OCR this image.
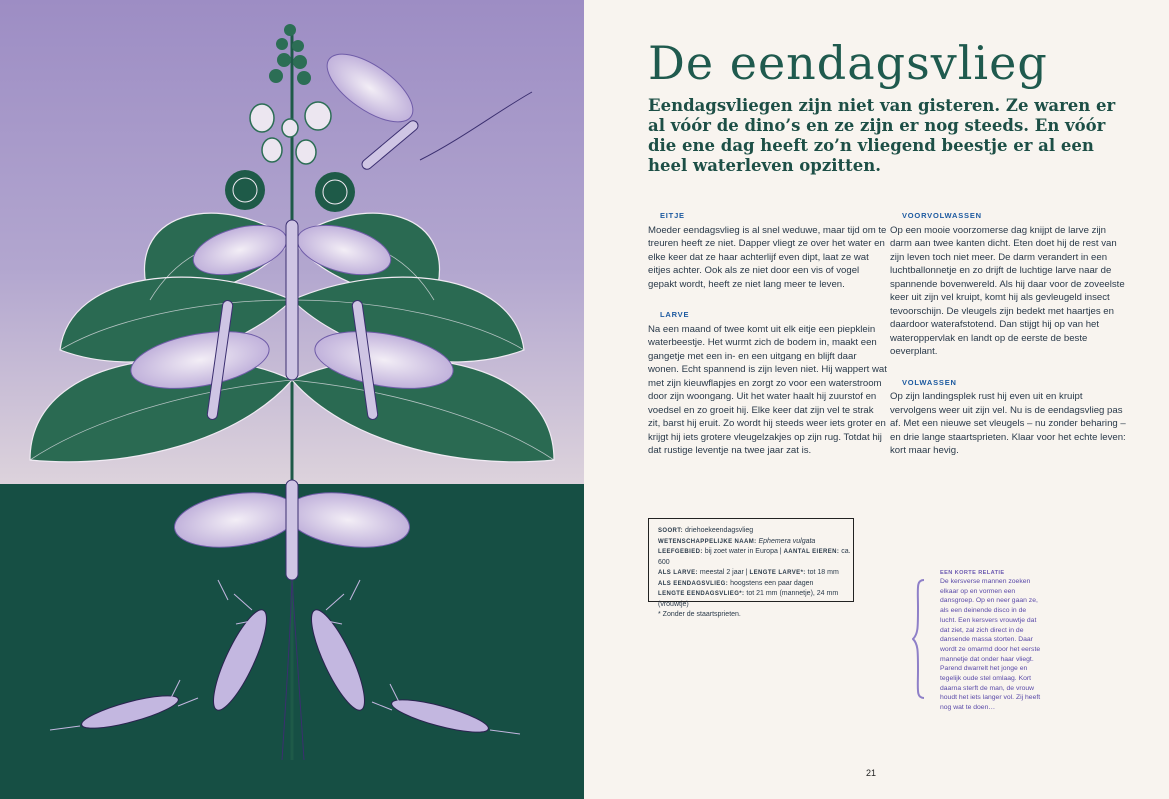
De eendagsvlieg
Eendagsvliegen zijn niet van gisteren. Ze waren er al vóór de dino’s en ze zijn er nog steeds. En vóór die ene dag heeft zo’n vliegend beestje er al een heel waterleven opzitten.
EITJE

Moeder eendagsvlieg is al snel weduwe, maar tijd om te treuren heeft ze niet. Dapper vliegt ze over het water en elke keer dat ze haar achterlijf even dipt, laat ze wat eitjes achter. Ook als ze niet door een vis of vogel gepakt wordt, heeft ze niet lang meer te leven.

LARVE

Na een maand of twee komt uit elk eitje een piepklein waterbeestje. Het wurmt zich de bodem in, maakt een gangetje met een in- en een uitgang en blijft daar wonen. Echt spannend is zijn leven niet. Hij wappert wat met zijn kieuwflapjes en zorgt zo voor een waterstroom door zijn woongang. Uit het water haalt hij zuurstof en voedsel en zo groeit hij. Elke keer dat zijn vel te strak zit, barst hij eruit. Zo wordt hij steeds weer iets groter en krijgt hij iets grotere vleugelzakjes op zijn rug. Totdat hij dat rustige leventje na twee jaar zat is.

VOORVOLWASSEN

Op een mooie voorzomerse dag knijpt de larve zijn darm aan twee kanten dicht. Eten doet hij de rest van zijn leven toch niet meer. De darm verandert in een luchtballonnetje en zo drijft de luchtige larve naar de spannende bovenwereld. Als hij daar voor de zoveelste keer uit zijn vel kruipt, komt hij als gevleugeld insect tevoorschijn. De vleugels zijn bedekt met haartjes en daardoor waterafstotend. Dan stijgt hij op van het wateroppervlak en landt op de eerste de beste oeverplant.

VOLWASSEN

Op zijn landingsplek rust hij even uit en kruipt vervolgens weer uit zijn vel. Nu is de eendagsvlieg pas af. Met een nieuwe set vleugels – nu zonder beharing – en drie lange staartsprieten. Klaar voor het echte leven: kort maar hevig.

SOORT: driehoekeendagsvlieg
WETENSCHAPPELIJKE NAAM: Ephemera vulgata
LEEFGEBIED: bij zoet water in Europa | AANTAL EIEREN: ca. 600
ALS LARVE: meestal 2 jaar | LENGTE LARVE*: tot 18 mm
ALS EENDAGSVLIEG: hoogstens een paar dagen
LENGTE EENDAGSVLIEG*: tot 21 mm (mannetje), 24 mm (vrouwtje)
* Zonder de staartsprieten.
EEN KORTE RELATIE
De kersverse mannen zoeken elkaar op en vormen een dansgroep. Op en neer gaan ze, als een deinende disco in de lucht. Een kersvers vrouwtje dat dat ziet, zal zich direct in de dansende massa storten. Daar wordt ze omarmd door het eerste mannetje dat onder haar vliegt. Parend dwarrelt het jonge en tegelijk oude stel omlaag. Kort daarna sterft de man, de vrouw houdt het iets langer vol. Zij heeft nog wat te doen…
21
